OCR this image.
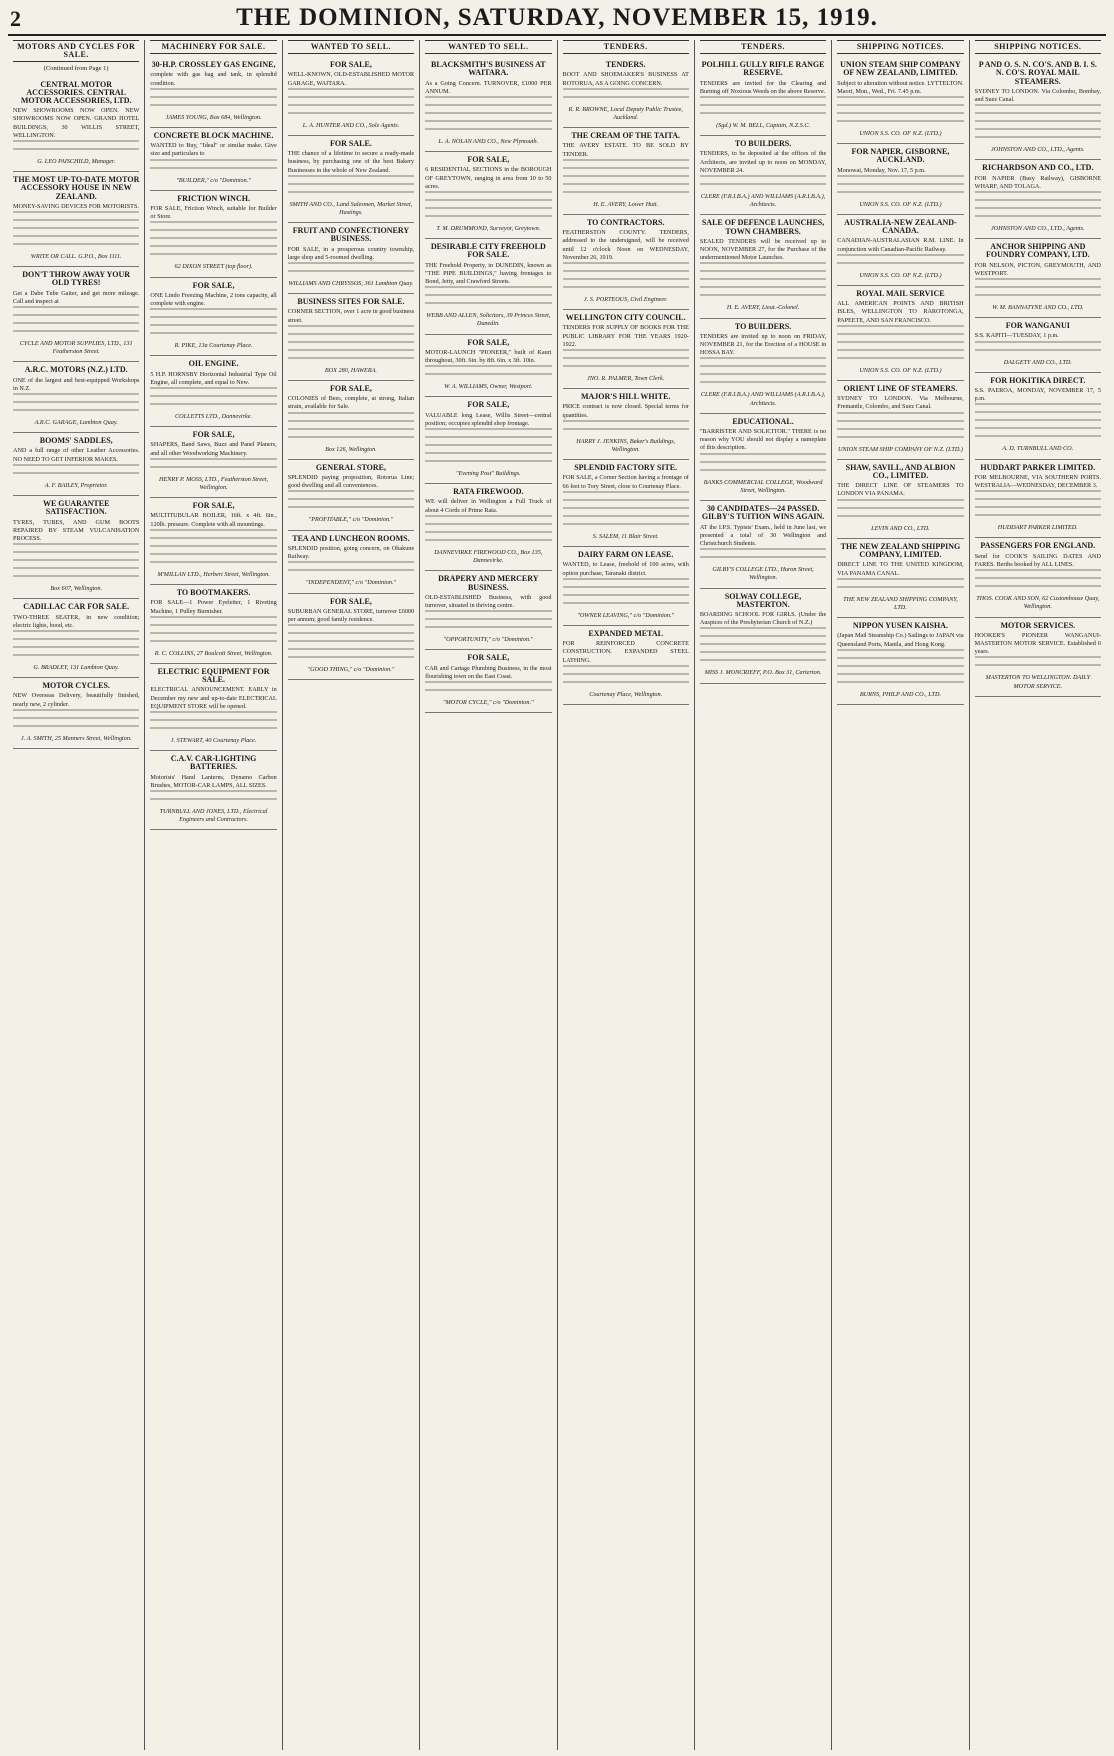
2	THE DOMINION, SATURDAY, NOVEMBER 15, 1919.
MOTORS AND CYCLES FOR SALE.
(Continued from Page 1)
CENTRAL MOTOR ACCESSORIES. CENTRAL MOTOR ACCESSORIES, LTD.
NEW SHOWROOMS NOW OPEN. NEW SHOWROOMS NOW OPEN. GRAND HOTEL BUILDINGS, 30 WILLIS STREET, WELLINGTON.
G. LEO PAISCHILD, Manager.
THE MOST UP-TO-DATE MOTOR ACCESSORY HOUSE IN NEW ZEALAND.
MONEY-SAVING DEVICES FOR MOTORISTS.
WRITE OR CALL. G.P.O., Box 1111.
DON'T THROW AWAY YOUR OLD TYRES!
Get a Dabe Tube Gaiter, and get more mileage. Call and inspect at
CYCLE AND MOTOR SUPPLIES, LTD., 131 Featherston Street.
A.R.C. MOTORS (N.Z.) LTD.
ONE of the largest and best-equipped Workshops in N.Z.
A.R.C. GARAGE, Lambton Quay.
BOOMS' SADDLES,
AND a full range of other Leather Accessories. NO NEED TO GET INFERIOR MAKES.
A. F. BAILEY, Proprietor.
WE GUARANTEE SATISFACTION.
TYRES, TUBES, AND GUM BOOTS REPAIRED BY STEAM VULCANISATION PROCESS.
Box 607, Wellington.
CADILLAC CAR FOR SALE.
TWO-THREE SEATER, in new condition; electric lights, hood, etc.
G. BRADLEY, 131 Lambton Quay.
MOTOR CYCLES.
NEW Overseas Delivery, beautifully finished, nearly new, 2 cylinder.
J. A. SMITH, 25 Manners Street, Wellington.
MACHINERY FOR SALE.
30-H.P. CROSSLEY GAS ENGINE,
complete with gas bag and tank, in splendid condition.
JAMES YOUNG, Box 684, Wellington.
CONCRETE BLOCK MACHINE.
WANTED to Buy, "Ideal" or similar make. Give size and particulars to
"BUILDER," c/o "Dominion."
FRICTION WINCH.
FOR SALE, Friction Winch, suitable for Builder or Store.
62 DIXON STREET (top floor).
FOR SALE,
ONE Lindo Freezing Machine, 2 tons capacity, all complete with engine.
R. PIKE, 13a Courtenay Place.
OIL ENGINE.
5 H.P. HORNSBY Horizontal Industrial Type Oil Engine, all complete, and equal to New.
COLLETTS LTD., Dannevirke.
FOR SALE,
SHAPERS, Band Saws, Buzz and Panel Planers, and all other Woodworking Machinery.
HENRY P. MOSS, LTD., Featherston Street, Wellington.
FOR SALE,
MULTITUBULAR BOILER, 16ft. x 4ft. 6in., 120lb. pressure. Complete with all mountings.
M'MILLAN LTD., Herbert Street, Wellington.
TO BOOTMAKERS.
FOR SALE—1 Power Eyeletter, 1 Riveting Machine, 1 Pulley Burnisher.
R. C. COLLINS, 27 Boulcott Street, Wellington.
ELECTRIC EQUIPMENT FOR SALE.
ELECTRICAL ANNOUNCEMENT. EARLY in December my new and up-to-date ELECTRICAL EQUIPMENT STORE will be opened.
J. STEWART, 40 Courtenay Place.
C.A.V. CAR-LIGHTING BATTERIES.
Motorists' Hand Lanterns, Dynamo Carbon Brushes, MOTOR-CAR LAMPS, ALL SIZES.
TURNBULL AND JONES, LTD., Electrical Engineers and Contractors.
WANTED TO SELL.
FOR SALE,
WELL-KNOWN, OLD-ESTABLISHED MOTOR GARAGE, WAITARA.
L. A. HUNTER AND CO., Sole Agents.
FOR SALE.
THE chance of a lifetime to secure a ready-made business, by purchasing one of the best Bakery Businesses in the whole of New Zealand.
SMITH AND CO., Land Salesmen, Market Street, Hastings.
FRUIT AND CONFECTIONERY BUSINESS.
FOR SALE, in a prosperous country township, large shop and 5-roomed dwelling.
WILLIAMS AND CHRYSSOS, 361 Lambton Quay.
BUSINESS SITES FOR SALE.
CORNER SECTION, over 1 acre in good business street.
BOX 280, HAWERA.
FOR SALE,
COLONIES of Bees, complete, at strong, Italian strain, available for Sale.
Box 126, Wellington.
GENERAL STORE,
SPLENDID paying proposition, Rotorua Line; good dwelling and all conveniences.
"PROFITABLE," c/o "Dominion."
TEA AND LUNCHEON ROOMS.
SPLENDID position, going concern, on Ohakune Railway.
"INDEPENDENT," c/o "Dominion."
FOR SALE,
SUBURBAN GENERAL STORE, turnover £6000 per annum; good family residence.
"GOOD THING," c/o "Dominion."
WANTED TO SELL.
BLACKSMITH'S BUSINESS AT WAITARA.
As a Going Concern. TURNOVER, £1000 PER ANNUM.
L. A. NOLAN AND CO., New Plymouth.
FOR SALE,
6 RESIDENTIAL SECTIONS in the BOROUGH OF GREYTOWN, ranging in area from 10 to 50 acres.
T. M. DRUMMOND, Surveyor, Greytown.
DESIRABLE CITY FREEHOLD FOR SALE.
THE Freehold Property, in DUNEDIN, known as "THE PIPE BUILDINGS," having frontages to Bond, Jetty, and Crawford Streets.
WEBB AND ALLEN, Solicitors, 39 Princes Street, Dunedin.
FOR SALE,
MOTOR-LAUNCH "PIONEER," built of Kauri throughout, 30ft. 6in. by 8ft. 6in. x 3ft. 10in.
W. A. WILLIAMS, Owner, Westport.
FOR SALE,
VALUABLE long Lease, Willis Street—central position; occupies splendid shop frontage.
"Evening Post" Buildings.
RATA FIREWOOD.
WE will deliver in Wellington a Full Truck of about 4 Cords of Prime Rata.
DANNEVIRKE FIREWOOD CO., Box 135, Dannevirke.
DRAPERY AND MERCERY BUSINESS.
OLD-ESTABLISHED Business, with good turnover, situated in thriving centre.
"OPPORTUNITY," c/o "Dominion."
FOR SALE,
CAR and Cartage Plumbing Business, in the most flourishing town on the East Coast.
"MOTOR CYCLE," c/o "Dominion."
TENDERS.
TENDERS.
BOOT AND SHOEMAKER'S BUSINESS AT ROTORUA, AS A GOING CONCERN.
R. R. BROWNE, Local Deputy Public Trustee, Auckland.
THE CREAM OF THE TAITA.
THE AVERY ESTATE. TO BE SOLD BY TENDER.
H. E. AVERY, Lower Hutt.
TO CONTRACTORS.
FEATHERSTON COUNTY. TENDERS, addressed to the undersigned, will be received until 12 o'clock Noon on WEDNESDAY, November 26, 1919.
J. S. PORTEOUS, Civil Engineer.
WELLINGTON CITY COUNCIL.
TENDERS FOR SUPPLY OF BOOKS FOR THE PUBLIC LIBRARY FOR THE YEARS 1920-1922.
JNO. R. PALMER, Town Clerk.
MAJOR'S HILL WHITE.
PRICE contract is now closed. Special terms for quantities.
HARRY J. JENKINS, Baker's Buildings, Wellington.
SPLENDID FACTORY SITE.
FOR SALE, a Corner Section having a frontage of 66 feet to Tory Street, close to Courtenay Place.
S. SALEM, 11 Blair Street.
DAIRY FARM ON LEASE.
WANTED, to Lease, freehold of 100 acres, with option purchase, Taranaki district.
"OWNER LEAVING," c/o "Dominion."
EXPANDED METAL
FOR REINFORCED CONCRETE CONSTRUCTION. EXPANDED STEEL LATHING.
Courtenay Place, Wellington.
TENDERS.
POLHILL GULLY RIFLE RANGE RESERVE.
TENDERS are invited for the Clearing and Burning off Noxious Weeds on the above Reserve.
(Sgd.) W. M. BELL, Captain, N.Z.S.C.
TO BUILDERS.
TENDERS, to be deposited at the offices of the Architects, are invited up to noon on MONDAY, NOVEMBER 24.
CLERE (F.R.I.B.A.) AND WILLIAMS (A.R.I.B.A.), Architects.
SALE OF DEFENCE LAUNCHES, TOWN CHAMBERS.
SEALED TENDERS will be received up to NOON, NOVEMBER 27, for the Purchase of the undermentioned Motor Launches.
H. E. AVERY, Lieut.-Colonel.
TO BUILDERS.
TENDERS are invited up to noon on FRIDAY, NOVEMBER 21, for the Erection of a HOUSE in HOSSA BAY.
CLERE (F.R.I.B.A.) AND WILLIAMS (A.R.I.B.A.), Architects.
EDUCATIONAL.
"BARRISTER AND SOLICITOR." THERE is no reason why YOU should not display a nameplate of this description.
BANKS COMMERCIAL COLLEGE, Woodward Street, Wellington.
30 CANDIDATES—24 PASSED. GILBY'S TUITION WINS AGAIN.
AT the I.P.S. Typists' Exam., held in June last, we presented a total of 30 Wellington and Christchurch Students.
GILBY'S COLLEGE LTD., Huron Street, Wellington.
SOLWAY COLLEGE, MASTERTON.
BOARDING SCHOOL FOR GIRLS. (Under the Auspices of the Presbyterian Church of N.Z.)
MISS J. MONCRIEFF, P.O. Box 31, Carterton.
SHIPPING NOTICES.
UNION STEAM SHIP COMPANY OF NEW ZEALAND, LIMITED.
Subject to alteration without notice. LYTTELTON. Maori, Mon., Wed., Fri. 7.45 p.m.
UNION S.S. CO. OF N.Z. (LTD.)
FOR NAPIER, GISBORNE, AUCKLAND.
Monowai, Monday, Nov. 17, 5 p.m.
UNION S.S. CO. OF N.Z. (LTD.)
AUSTRALIA-NEW ZEALAND-CANADA.
CANADIAN-AUSTRALASIAN R.M. LINE. In conjunction with Canadian-Pacific Railway.
UNION S.S. CO. OF N.Z. (LTD.)
ROYAL MAIL SERVICE
ALL AMERICAN POINTS AND BRITISH ISLES, WELLINGTON TO RAROTONGA, PAPEETE, AND SAN FRANCISCO.
UNION S.S. CO. OF N.Z. (LTD.)
ORIENT LINE OF STEAMERS.
SYDNEY TO LONDON. Via Melbourne, Fremantle, Colombo, and Suez Canal.
UNION STEAM SHIP COMPANY OF N.Z. (LTD.)
SHAW, SAVILL, AND ALBION CO., LIMITED.
THE DIRECT LINE OF STEAMERS TO LONDON VIA PANAMA.
LEVIN AND CO., LTD.
THE NEW ZEALAND SHIPPING COMPANY, LIMITED.
DIRECT LINE TO THE UNITED KINGDOM, VIA PANAMA CANAL.
THE NEW ZEALAND SHIPPING COMPANY, LTD.
NIPPON YUSEN KAISHA.
(Japan Mail Steamship Co.) Sailings to JAPAN via Queensland Ports, Manila, and Hong Kong.
BURNS, PHILP AND CO., LTD.
SHIPPING NOTICES.
P AND O. S. N. CO'S. AND B. I. S. N. CO'S. ROYAL MAIL STEAMERS.
SYDNEY TO LONDON. Via Colombo, Bombay, and Suez Canal.
JOHNSTON AND CO., LTD., Agents.
RICHARDSON AND CO., LTD.
FOR NAPIER (Busy Railway), GISBORNE WHARF, AND TOLAGA.
JOHNSTON AND CO., LTD., Agents.
ANCHOR SHIPPING AND FOUNDRY COMPANY, LTD.
FOR NELSON, PICTON, GREYMOUTH, AND WESTPORT.
W. M. BANNATYNE AND CO., LTD.
FOR WANGANUI
S.S. KAPITI—TUESDAY, 1 p.m.
DALGETY AND CO., LTD.
FOR HOKITIKA DIRECT.
S.S. PAEROA, MONDAY, NOVEMBER 17, 5 p.m.
A. D. TURNBULL AND CO.
HUDDART PARKER LIMITED.
FOR MELBOURNE, VIA SOUTHERN PORTS. WESTRALIA—WEDNESDAY, DECEMBER 3.
HUDDART PARKER LIMITED.
PASSENGERS FOR ENGLAND.
Send for COOK'S SAILING DATES AND FARES. Berths booked by ALL LINES.
THOS. COOK AND SON, 62 Customhouse Quay, Wellington.
MOTOR SERVICES.
HOOKER'S PIONEER WANGANUI-MASTERTON MOTOR SERVICE. Established 6 years.
MASTERTON TO WELLINGTON. DAILY MOTOR SERVICE.
